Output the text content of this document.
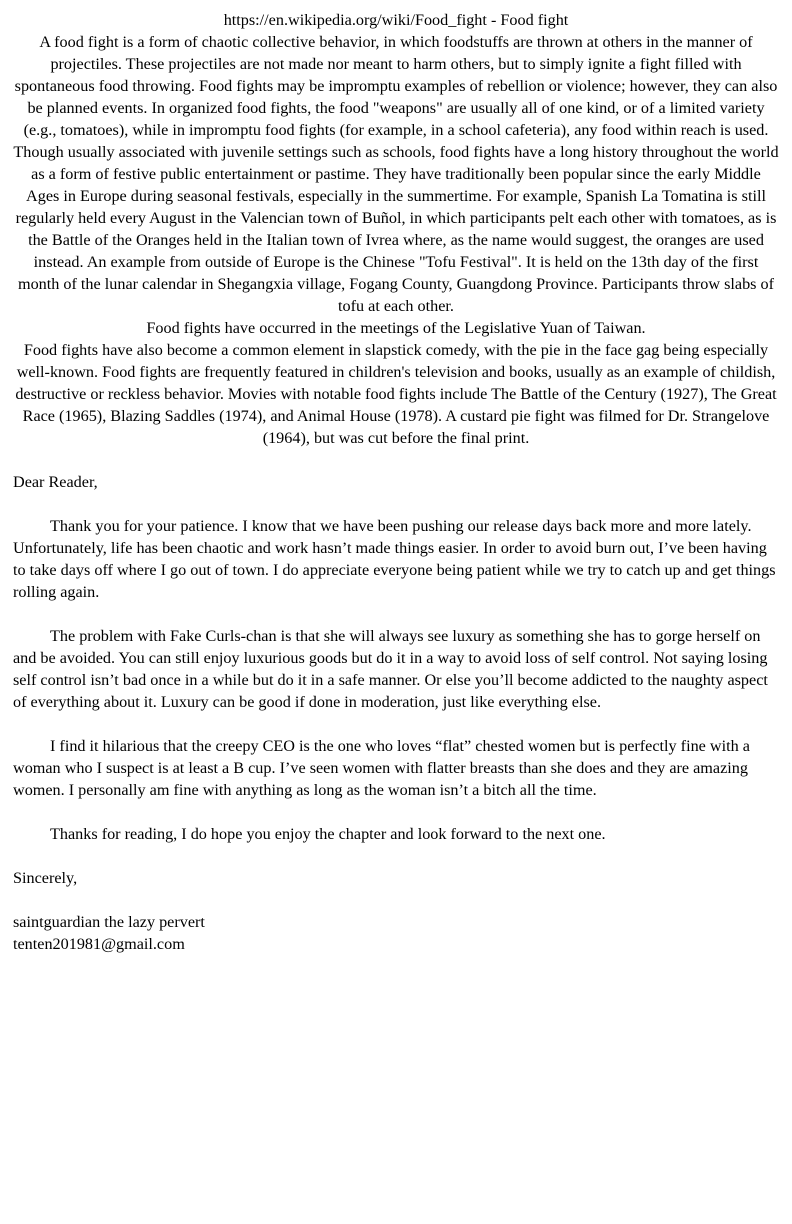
https://en.wikipedia.org/wiki/Food_fight - Food fight

A food fight is a form of chaotic collective behavior, in which foodstuffs are thrown at others in the manner of projectiles. These projectiles are not made nor meant to harm others, but to simply ignite a fight filled with spontaneous food throwing. Food fights may be impromptu examples of rebellion or violence; however, they can also be planned events. In organized food fights, the food "weapons" are usually all of one kind, or of a limited variety (e.g., tomatoes), while in impromptu food fights (for example, in a school cafeteria), any food within reach is used.

Though usually associated with juvenile settings such as schools, food fights have a long history throughout the world as a form of festive public entertainment or pastime. They have traditionally been popular since the early Middle Ages in Europe during seasonal festivals, especially in the summertime. For example, Spanish La Tomatina is still regularly held every August in the Valencian town of Buñol, in which participants pelt each other with tomatoes, as is the Battle of the Oranges held in the Italian town of Ivrea where, as the name would suggest, the oranges are used instead. An example from outside of Europe is the Chinese "Tofu Festival". It is held on the 13th day of the first month of the lunar calendar in Shegangxia village, Fogang County, Guangdong Province. Participants throw slabs of tofu at each other.

Food fights have occurred in the meetings of the Legislative Yuan of Taiwan.

Food fights have also become a common element in slapstick comedy, with the pie in the face gag being especially well-known. Food fights are frequently featured in children's television and books, usually as an example of childish, destructive or reckless behavior. Movies with notable food fights include The Battle of the Century (1927), The Great Race (1965), Blazing Saddles (1974), and Animal House (1978). A custard pie fight was filmed for Dr. Strangelove (1964), but was cut before the final print.

Dear Reader,

Thank you for your patience. I know that we have been pushing our release days back more and more lately. Unfortunately, life has been chaotic and work hasn’t made things easier. In order to avoid burn out, I’ve been having to take days off where I go out of town. I do appreciate everyone being patient while we try to catch up and get things rolling again.

The problem with Fake Curls-chan is that she will always see luxury as something she has to gorge herself on and be avoided. You can still enjoy luxurious goods but do it in a way to avoid loss of self control. Not saying losing self control isn’t bad once in a while but do it in a safe manner. Or else you’ll become addicted to the naughty aspect of everything about it. Luxury can be good if done in moderation, just like everything else.

I find it hilarious that the creepy CEO is the one who loves “flat” chested women but is perfectly fine with a woman who I suspect is at least a B cup. I’ve seen women with flatter breasts than she does and they are amazing women. I personally am fine with anything as long as the woman isn’t a bitch all the time.

Thanks for reading, I do hope you enjoy the chapter and look forward to the next one.

Sincerely,

saintguardian the lazy pervert

tenten201981@gmail.com
